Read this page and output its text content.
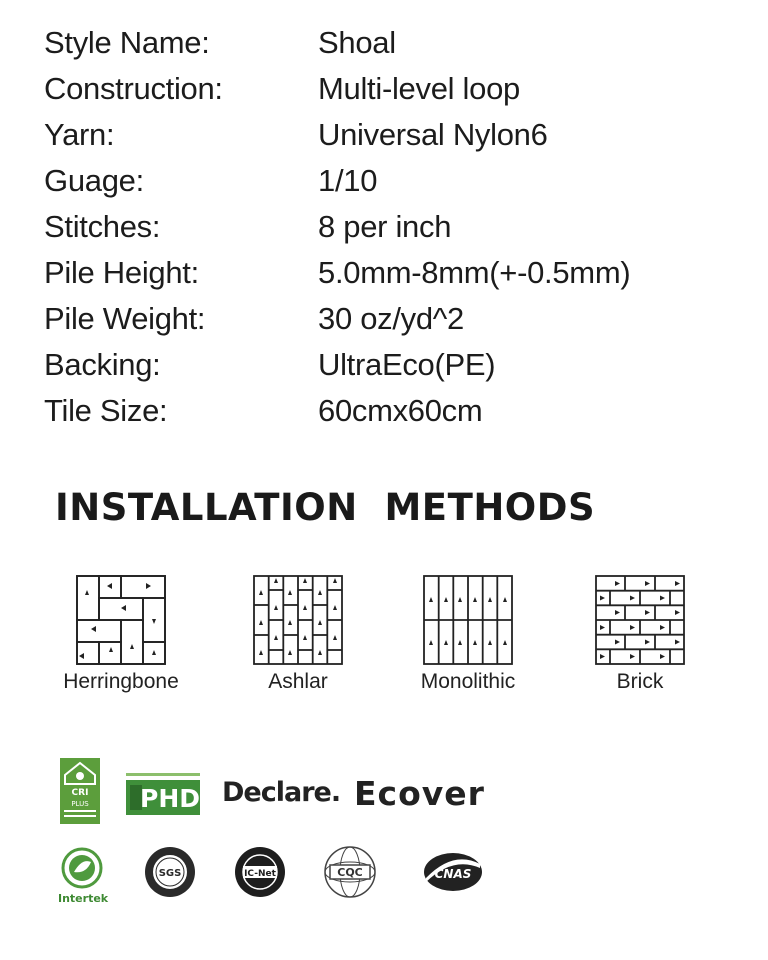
Style Name:	Shoal
Construction:	Multi-level loop
Yarn:	Universal Nylon6
Guage:	1/10
Stitches:	8 per inch
Pile Height:	5.0mm-8mm(+-0.5mm)
Pile Weight:	30 oz/yd^2
Backing:	UltraEco(PE)
Tile Size:	60cmx60cm
INSTALLATION  METHODS
Herringbone	Ashlar	Monolithic	Brick
CRI
PLUS PHD Declare. Ecover
Intertek
SGS	IC-Net	CQC	CNAS
